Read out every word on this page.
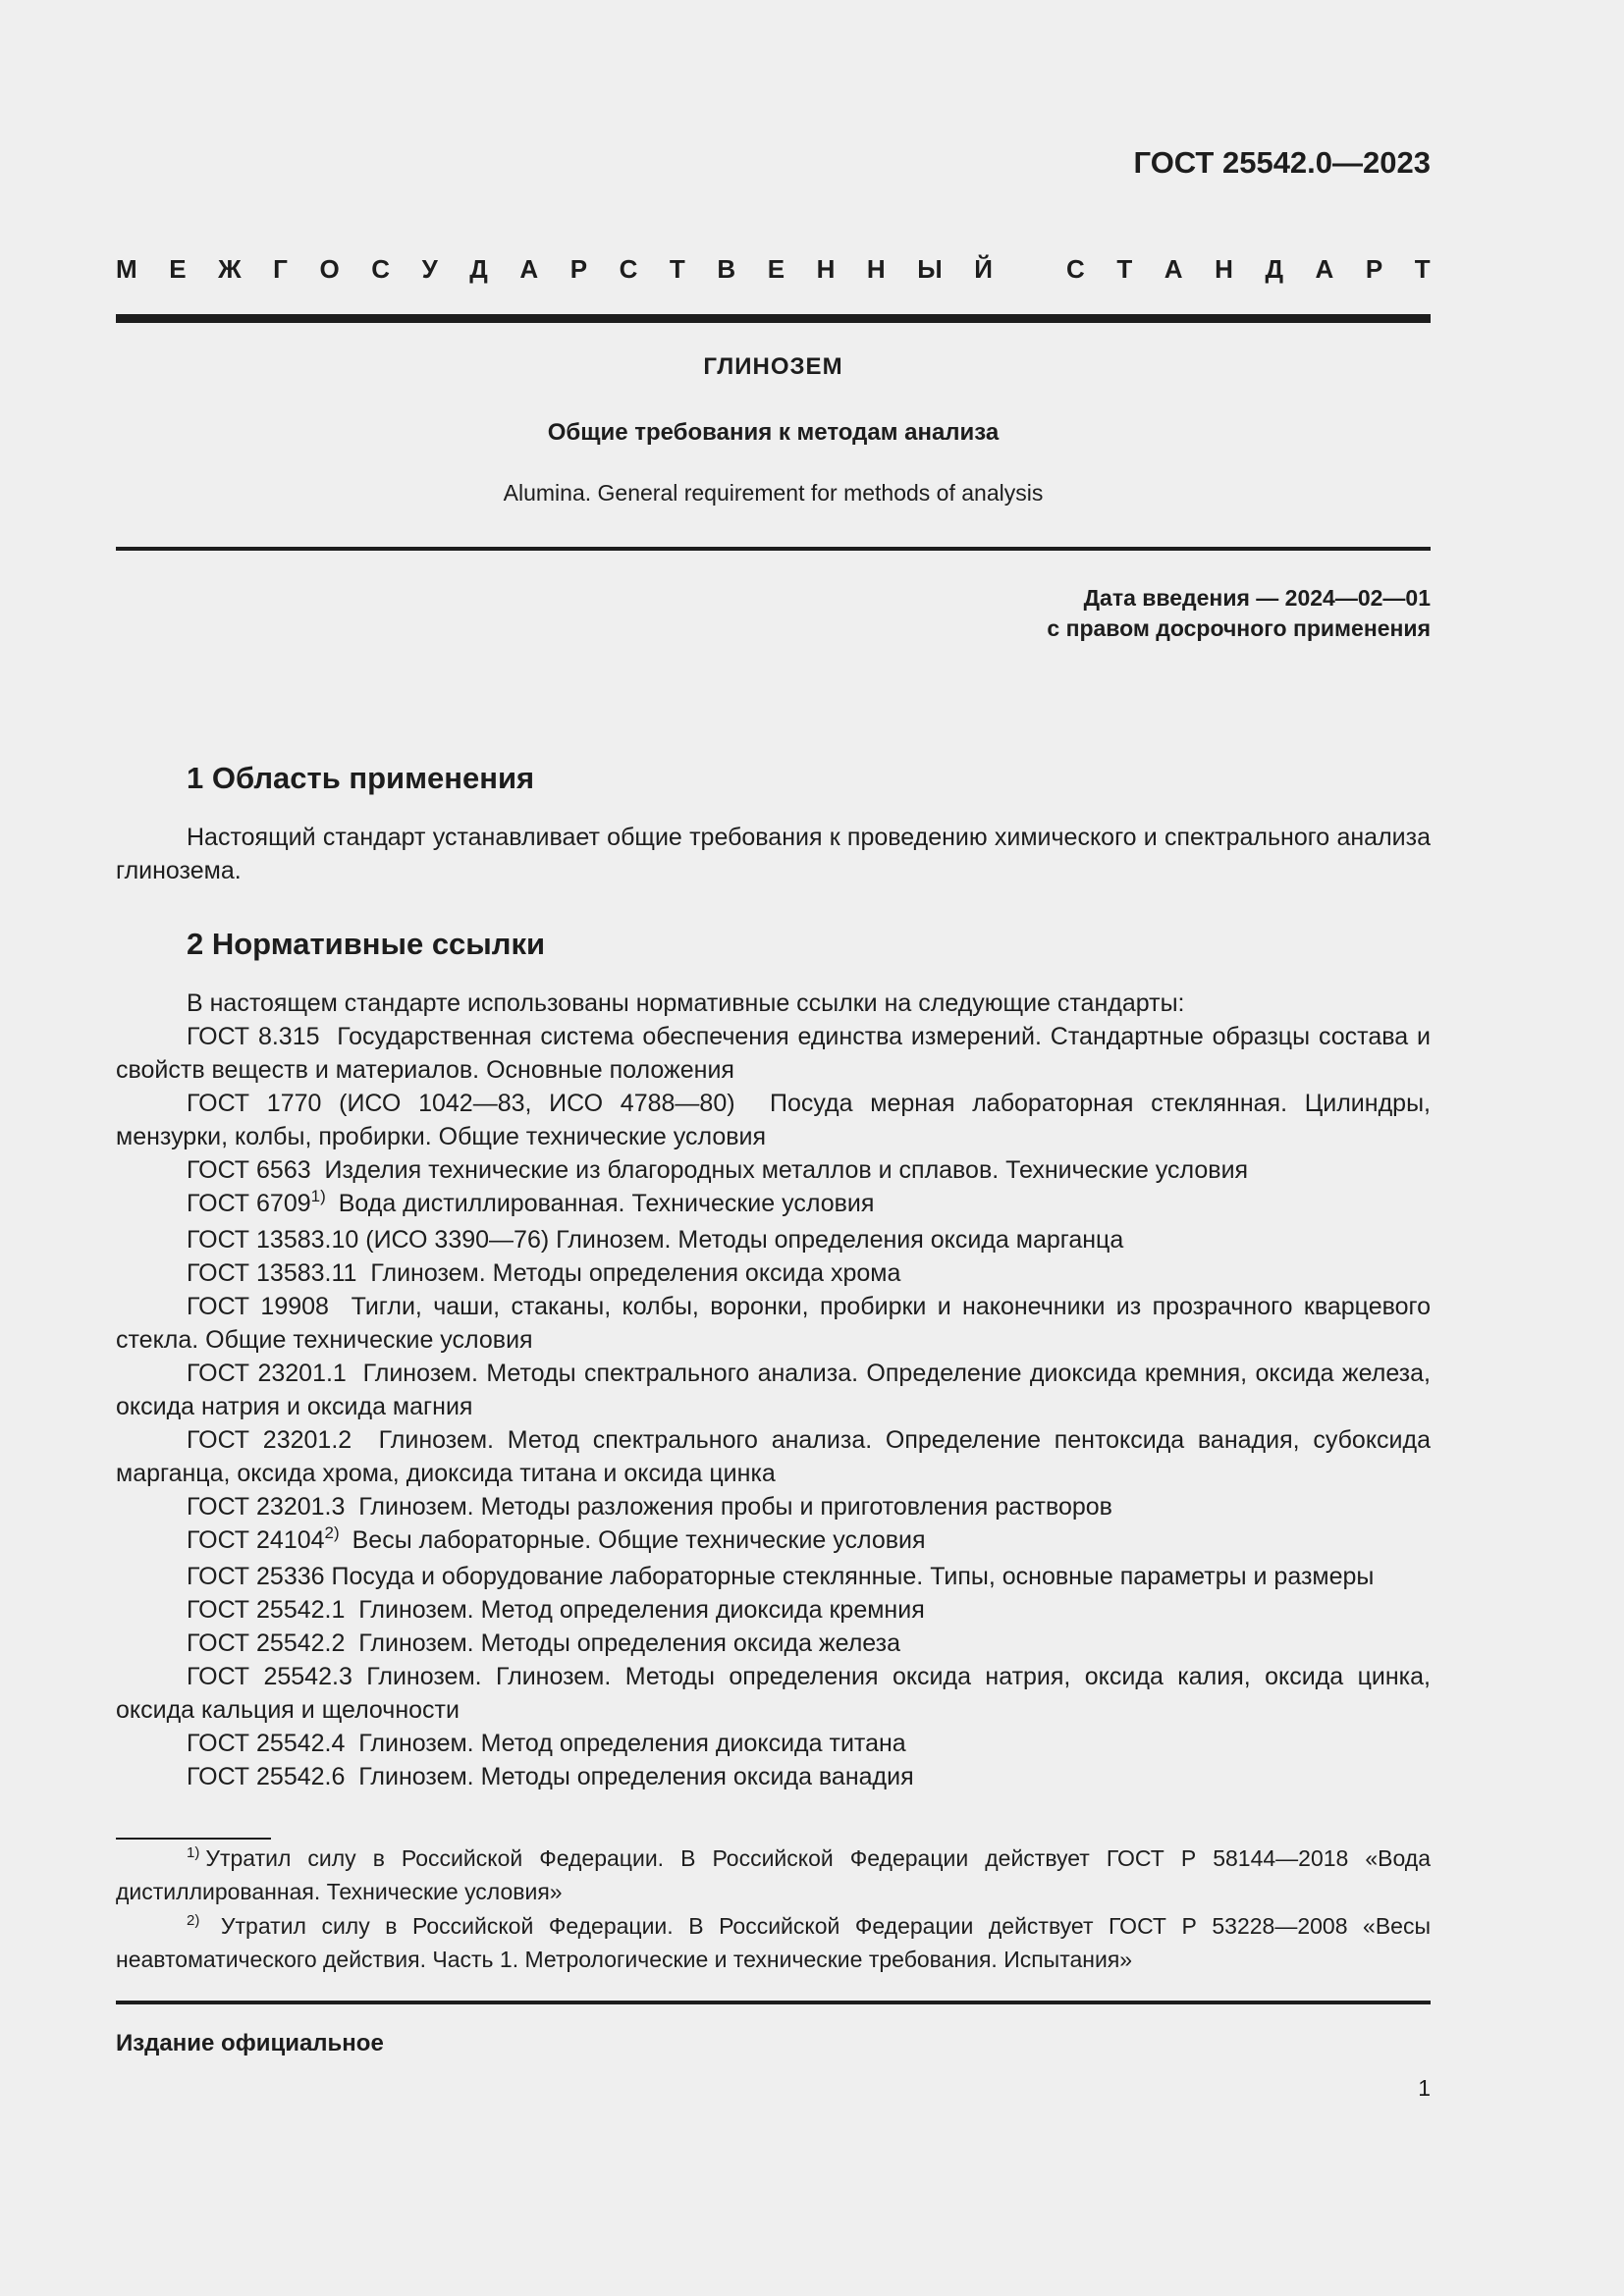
ГОСТ 25542.0—2023
М Е Ж Г О С У Д А Р С Т В Е Н Н Ы Й	С Т А Н Д А Р Т
ГЛИНОЗЕМ
Общие требования к методам анализа
Alumina. General requirement for methods of analysis
Дата введения — 2024—02—01
с правом досрочного применения
1 Область применения

Настоящий стандарт устанавливает общие требования к проведению химического и спектрального анализа глинозема.

2 Нормативные ссылки

В настоящем стандарте использованы нормативные ссылки на следующие стандарты:

ГОСТ 8.315 Государственная система обеспечения единства измерений. Стандартные образцы состава и свойств веществ и материалов. Основные положения

ГОСТ 1770 (ИСО 1042—83, ИСО 4788—80) Посуда мерная лабораторная стеклянная. Цилиндры, мензурки, колбы, пробирки. Общие технические условия

ГОСТ 6563 Изделия технические из благородных металлов и сплавов. Технические условия

ГОСТ 6709$^{1)}$ Вода дистиллированная. Технические условия

ГОСТ 13583.10 (ИСО 3390—76) Глинозем. Методы определения оксида марганца

ГОСТ 13583.11 Глинозем. Методы определения оксида хрома

ГОСТ 19908 Тигли, чаши, стаканы, колбы, воронки, пробирки и наконечники из прозрачного кварцевого стекла. Общие технические условия

ГОСТ 23201.1 Глинозем. Методы спектрального анализа. Определение диоксида кремния, оксида железа, оксида натрия и оксида магния

ГОСТ 23201.2 Глинозем. Метод спектрального анализа. Определение пентоксида ванадия, субоксида марганца, оксида хрома, диоксида титана и оксида цинка

ГОСТ 23201.3 Глинозем. Методы разложения пробы и приготовления растворов

ГОСТ 24104$^{2)}$ Весы лабораторные. Общие технические условия

ГОСТ 25336 Посуда и оборудование лабораторные стеклянные. Типы, основные параметры и размеры

ГОСТ 25542.1 Глинозем. Метод определения диоксида кремния

ГОСТ 25542.2 Глинозем. Методы определения оксида железа

ГОСТ 25542.3 Глинозем. Глинозем. Методы определения оксида натрия, оксида калия, оксида цинка, оксида кальция и щелочности

ГОСТ 25542.4 Глинозем. Метод определения диоксида титана

ГОСТ 25542.6 Глинозем. Методы определения оксида ванадия

$^{1)}$ Утратил силу в Российской Федерации. В Российской Федерации действует ГОСТ Р 58144—2018 «Вода дистиллированная. Технические условия»

$^{2)}$ Утратил силу в Российской Федерации. В Российской Федерации действует ГОСТ Р 53228—2008 «Весы неавтоматического действия. Часть 1. Метрологические и технические требования. Испытания»

Издание официальное
1
